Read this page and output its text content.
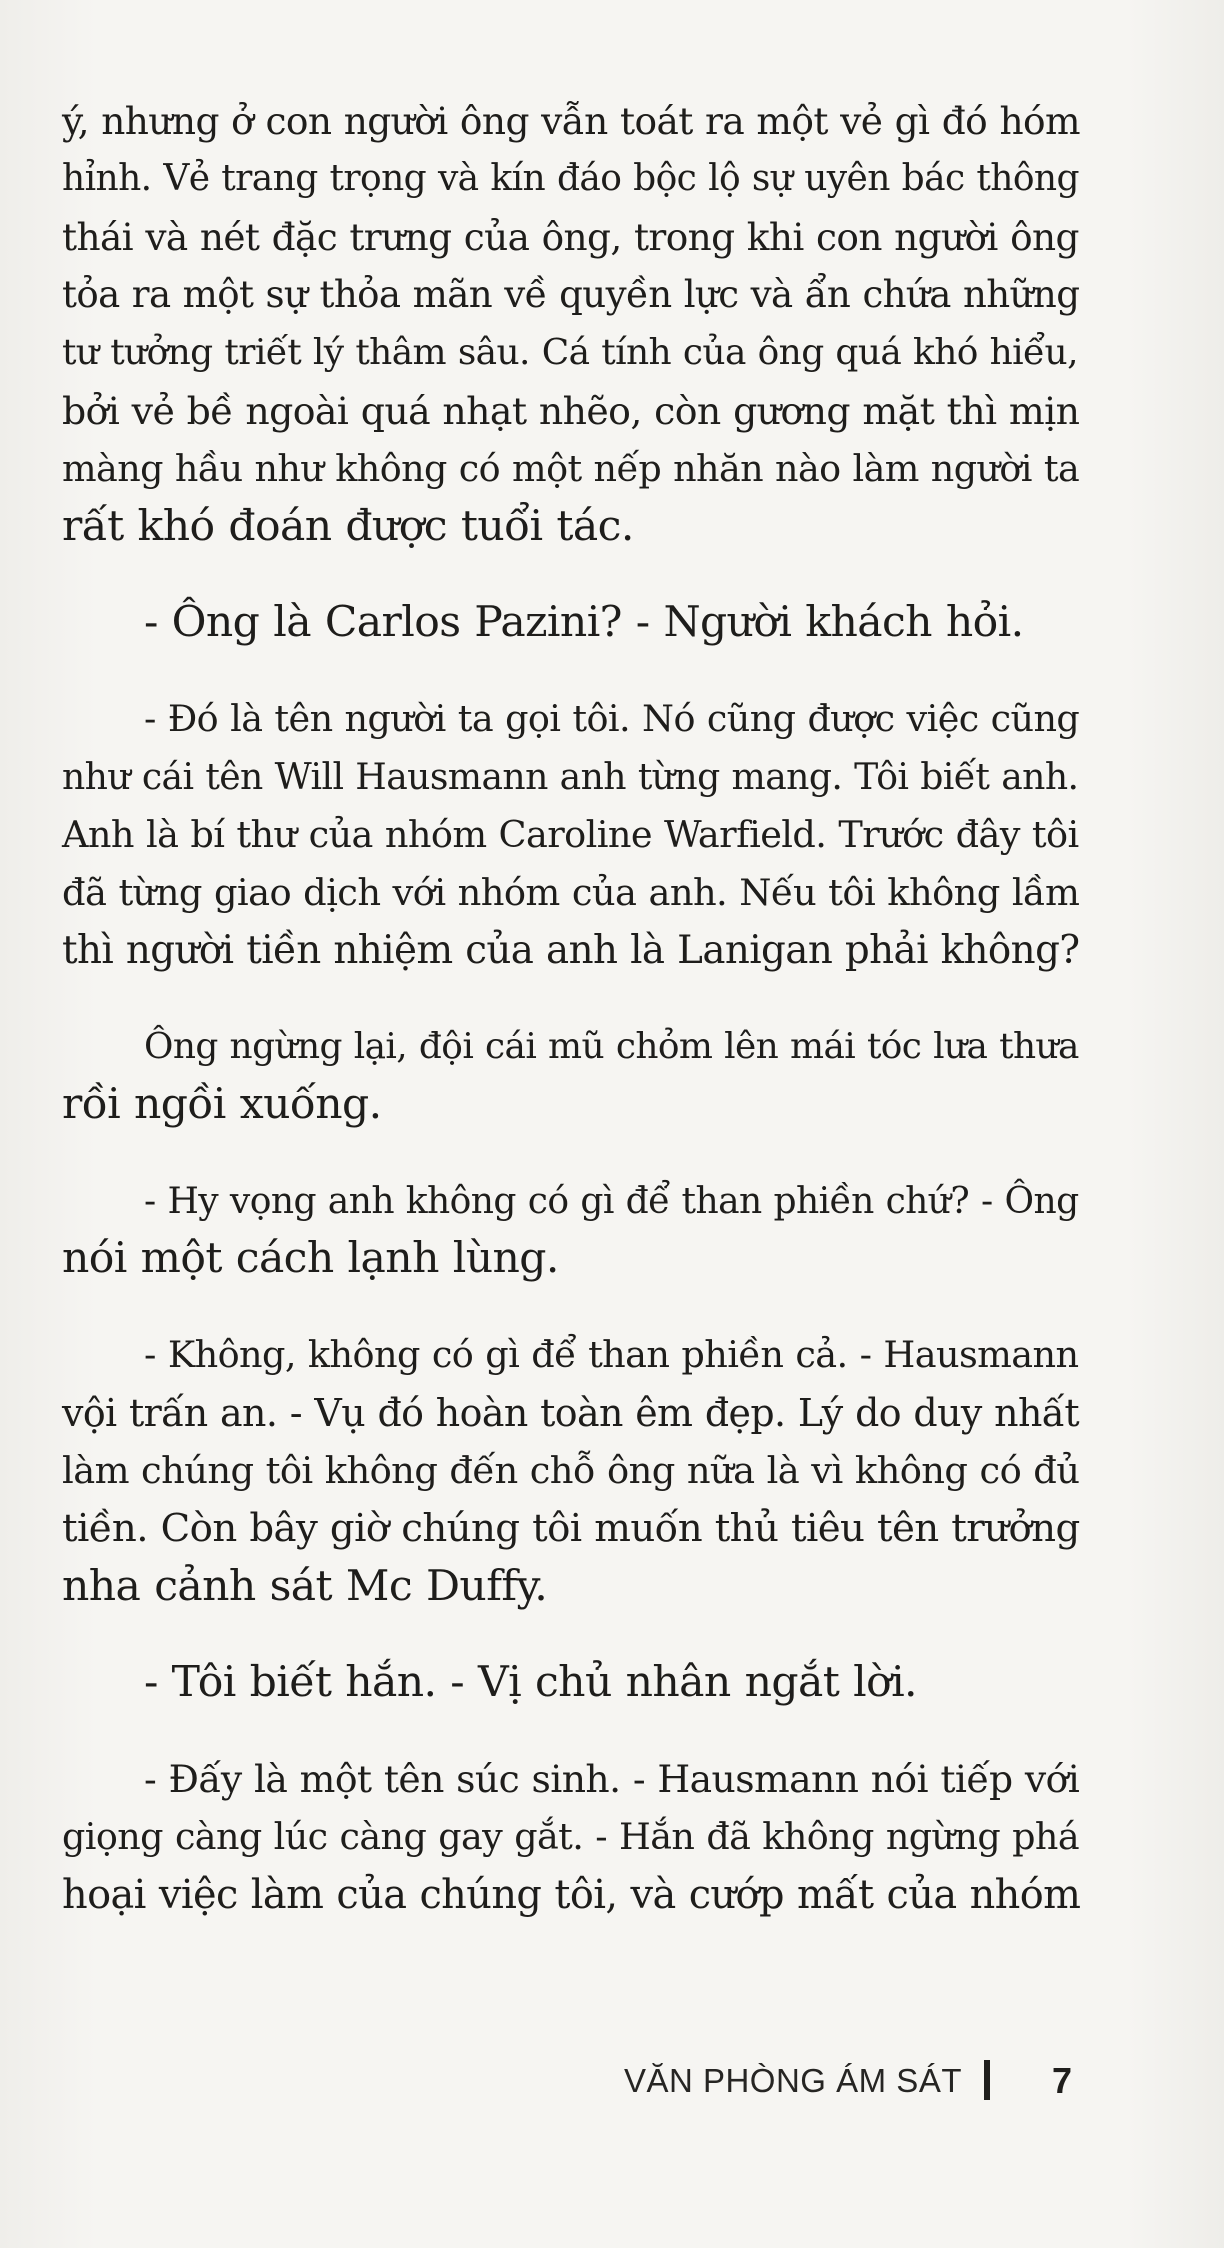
ý, nhưng ở con người ông vẫn toát ra một vẻ gì đó hóm
hỉnh. Vẻ trang trọng và kín đáo bộc lộ sự uyên bác thông
thái và nét đặc trưng của ông, trong khi con người ông
tỏa ra một sự thỏa mãn về quyền lực và ẩn chứa những
tư tưởng triết lý thâm sâu. Cá tính của ông quá khó hiểu,
bởi vẻ bề ngoài quá nhạt nhẽo, còn gương mặt thì mịn
màng hầu như không có một nếp nhăn nào làm người ta
rất khó đoán được tuổi tác.
- Ông là Carlos Pazini? - Người khách hỏi.
- Đó là tên người ta gọi tôi. Nó cũng được việc cũng
như cái tên Will Hausmann anh từng mang. Tôi biết anh.
Anh là bí thư của nhóm Caroline Warfield. Trước đây tôi
đã từng giao dịch với nhóm của anh. Nếu tôi không lầm
thì người tiền nhiệm của anh là Lanigan phải không?
Ông ngừng lại, đội cái mũ chỏm lên mái tóc lưa thưa
rồi ngồi xuống.
- Hy vọng anh không có gì để than phiền chứ? - Ông
nói một cách lạnh lùng.
- Không, không có gì để than phiền cả. - Hausmann
vội trấn an. - Vụ đó hoàn toàn êm đẹp. Lý do duy nhất
làm chúng tôi không đến chỗ ông nữa là vì không có đủ
tiền. Còn bây giờ chúng tôi muốn thủ tiêu tên trưởng
nha cảnh sát Mc Duffy.
- Tôi biết hắn. - Vị chủ nhân ngắt lời.
- Đấy là một tên súc sinh. - Hausmann nói tiếp với
giọng càng lúc càng gay gắt. - Hắn đã không ngừng phá
hoại việc làm của chúng tôi, và cướp mất của nhóm
VĂN PHÒNG ÁM SÁT	7
